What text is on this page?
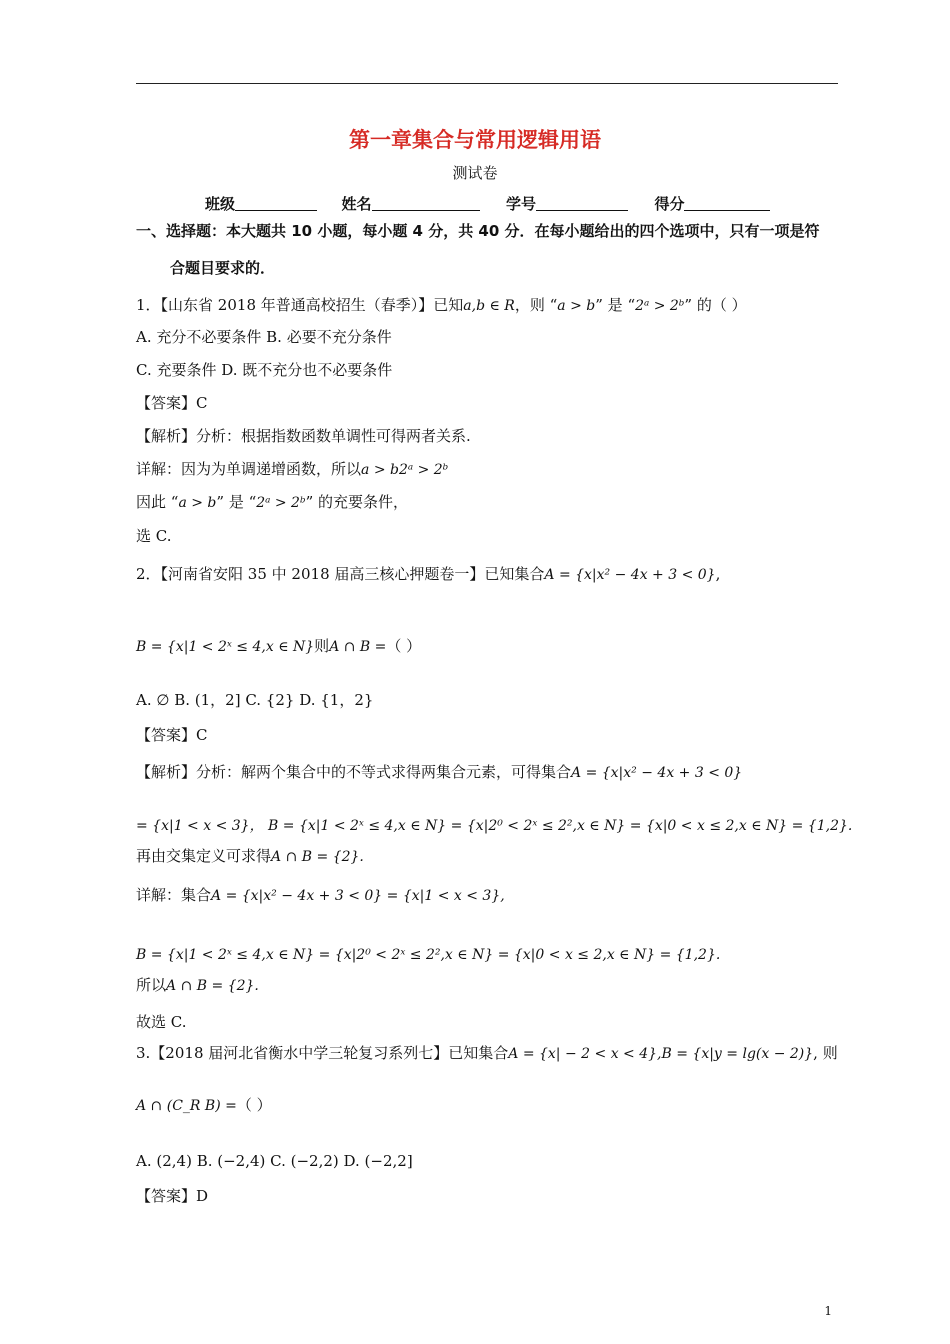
第一章集合与常用逻辑用语
测试卷
班级	姓名	学号	得分
一、选择题：本大题共 10 小题，每小题 4 分，共 40 分．在每小题给出的四个选项中，只有一项是符
合题目要求的．
1．【山东省 2018 年普通高校招生（春季）】已知a,b ∈ R，则 “a > b” 是 “2ᵃ > 2ᵇ” 的（ ）
A. 充分不必要条件 B. 必要不充分条件
C. 充要条件 D. 既不充分也不必要条件
【答案】C
【解析】分析：根据指数函数单调性可得两者关系.
详解：因为为单调递增函数，所以a > b2ᵃ > 2ᵇ
因此 “a > b” 是 “2ᵃ > 2ᵇ” 的充要条件，
选 C.
2．【河南省安阳 35 中 2018 届高三核心押题卷一】已知集合A = {x|x² − 4x + 3 < 0},
B = {x|1 < 2ˣ ≤ 4,x ∈ N}则A ∩ B =（ ）
A. ∅ B. (1，2] C. {2} D. {1，2}
【答案】C
【解析】分析：解两个集合中的不等式求得两集合元素，可得集合A = {x|x² − 4x + 3 < 0}
= {x|1 < x < 3}， B = {x|1 < 2ˣ ≤ 4,x ∈ N} = {x|2⁰ < 2ˣ ≤ 2²,x ∈ N} = {x|0 < x ≤ 2,x ∈ N} = {1,2}.
再由交集定义可求得A ∩ B = {2}.
详解：集合A = {x|x² − 4x + 3 < 0} = {x|1 < x < 3},
B = {x|1 < 2ˣ ≤ 4,x ∈ N} = {x|2⁰ < 2ˣ ≤ 2²,x ∈ N} = {x|0 < x ≤ 2,x ∈ N} = {1,2}.
所以A ∩ B = {2}.
故选 C.
3.【2018 届河北省衡水中学三轮复习系列七】已知集合A = {x| − 2 < x < 4},B = {x|y = lg(x − 2)}, 则
A ∩ (C_R B) =（ ）
A. (2,4) B. (−2,4) C. (−2,2) D. (−2,2]
【答案】D
1
